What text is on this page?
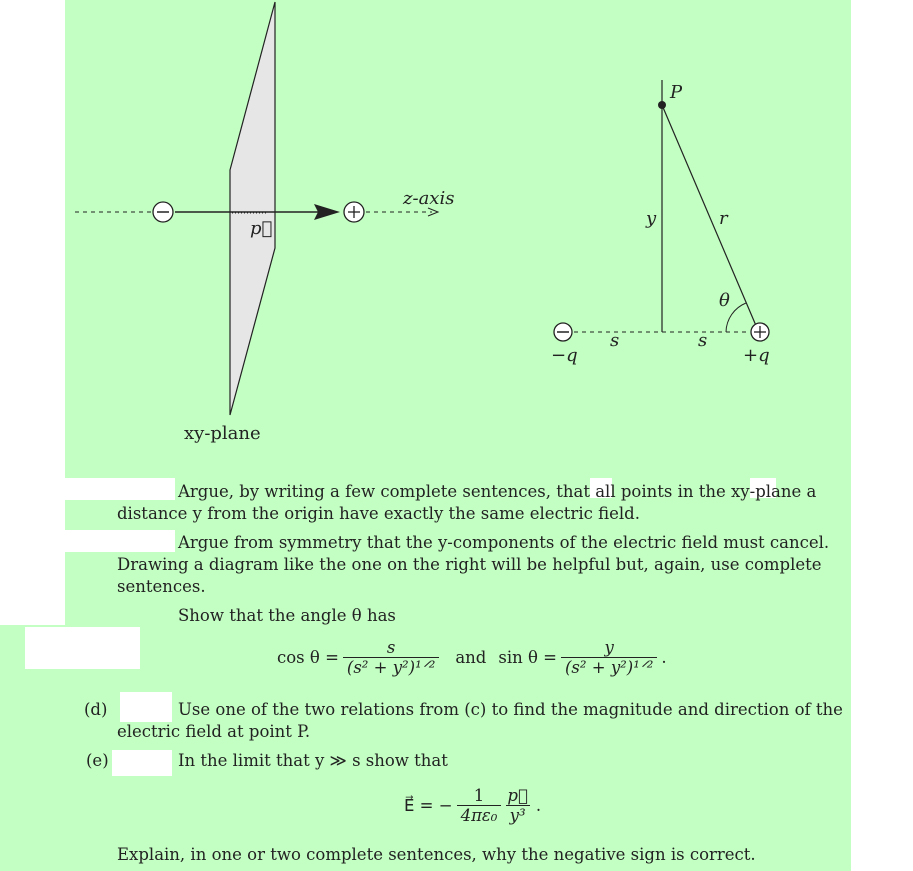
z-axis
p⃗
xy-plane
P
y	r
θ
s	s
−q	+q
Argue, by writing a few complete sentences, that all points in the xy-plane a
distance y from the origin have exactly the same electric field.
Argue from symmetry that the y-components of the electric field must cancel.
Drawing a diagram like the one on the right will be helpful but, again, use complete
sentences.
Show that the angle θ has
$\cos \theta = \frac{s}{\text{(s² + y²)¹ᐟ²}}$ and $\sin \theta = \frac{y}{\text{(s² + y²)¹ᐟ²}}$ .
(d)	Use one of the two relations from (c) to find the magnitude and direction of the
electric field at point P.
(e)	In the limit that y ≫ s show that
E⃗ = − $\frac{1}{\text{4πε₀}} \frac{p⃗}{\text{y³}}$ .
Explain, in one or two complete sentences, why the negative sign is correct.
